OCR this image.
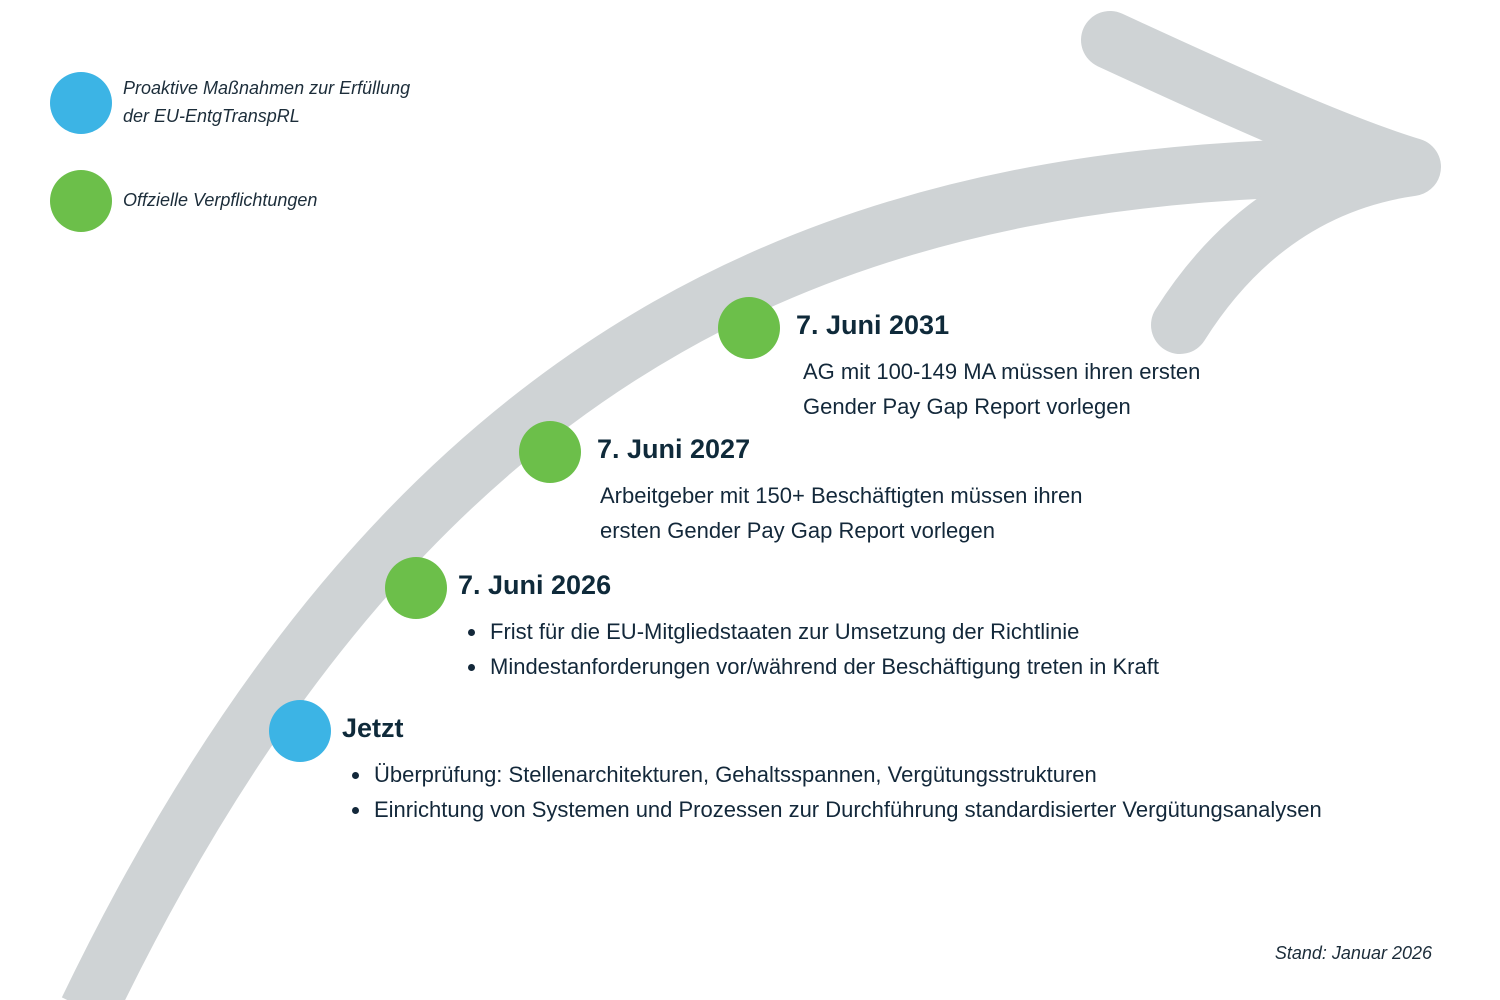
Proaktive Maßnahmen zur Erfüllung
der EU-EntgTranspRL
Offzielle Verpflichtungen
7. Juni 2031
AG mit 100-149 MA müssen ihren ersten
Gender Pay Gap Report vorlegen
7. Juni 2027
Arbeitgeber mit 150+ Beschäftigten müssen ihren
ersten Gender Pay Gap Report vorlegen
7. Juni 2026
• Frist für die EU-Mitgliedstaaten zur Umsetzung der Richtlinie
• Mindestanforderungen vor/während der Beschäftigung treten in Kraft
Jetzt
• Überprüfung: Stellenarchitekturen, Gehaltsspannen, Vergütungsstrukturen
• Einrichtung von Systemen und Prozessen zur Durchführung standardisierter Vergütungsanalysen
Stand: Januar 2026
